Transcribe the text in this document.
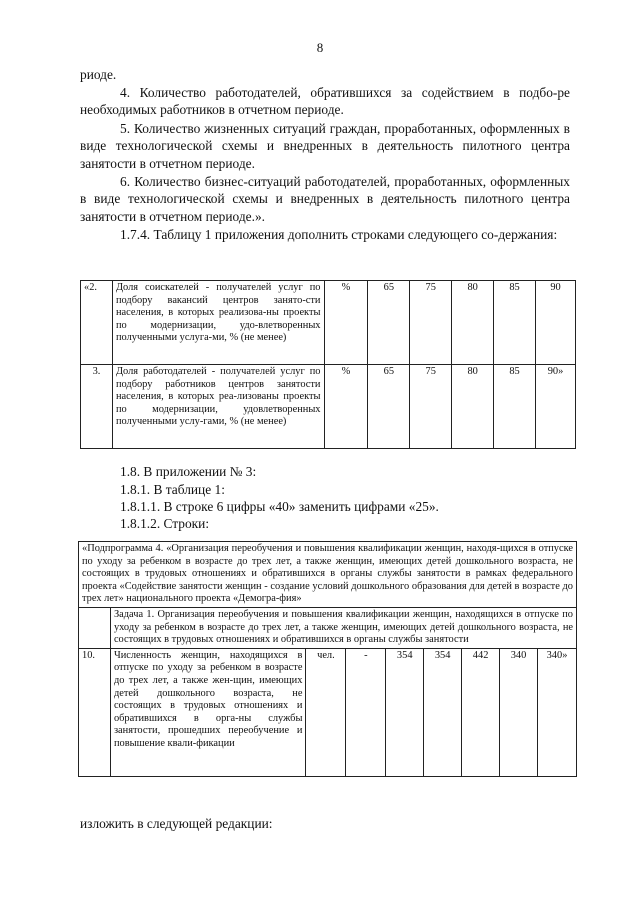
8

риоде.

4. Количество работодателей, обратившихся за содействием в подбо-ре необходимых работников в отчетном периоде.

5. Количество жизненных ситуаций граждан, проработанных, оформленных в виде технологической схемы и внедренных в деятельность пилотного центра занятости в отчетном периоде.

6. Количество бизнес-ситуаций работодателей, проработанных, оформленных в виде технологической схемы и внедренных в деятельность пилотного центра занятости в отчетном периоде.».

1.7.4. Таблицу 1 приложения дополнить строками следующего со-держания:

«2.	Доля соискателей - получателей услуг по подбору вакансий центров занято-сти населения, в которых реализова-ны проекты по модернизации, удо-влетворенных полученными услуга-ми, % (не менее)	%	65	75	80	85	90
3.	Доля работодателей - получателей услуг по подбору работников центров занятости населения, в которых реа-лизованы проекты по модернизации, удовлетворенных полученными услу-гами, % (не менее)	%	65	75	80	85	90»
1.8. В приложении № 3:
1.8.1. В таблице 1:
1.8.1.1. В строке 6 цифры «40» заменить цифрами «25».
1.8.1.2. Строки:
«Подпрограмма 4. «Организация переобучения и повышения квалификации женщин, находя-щихся в отпуске по уходу за ребенком в возрасте до трех лет, а также женщин, имеющих детей дошкольного возраста, не состоящих в трудовых отношениях и обратившихся в органы службы занятости в рамках федерального проекта «Содействие занятости женщин - создание условий дошкольного образования для детей в возрасте до трех лет» национального проекта «Демогра-фия»								
	Задача 1. Организация переобучения и повышения квалификации женщин, находящихся в отпуске по уходу за ребенком в возрасте до трех лет, а также женщин, имеющих детей дошкольного возраста, не состоящих в трудовых отношениях и обратившихся в органы службы занятости							
10.	Численность женщин, находящихся в отпуске по уходу за ребенком в возрасте до трех лет, а также жен-щин, имеющих детей дошкольного возраста, не состоящих в трудовых отношениях и обратившихся в орга-ны службы занятости, прошедших переобучение и повышение квали-фикации	чел.	-	354	354	442	340	340»
изложить в следующей редакции:
